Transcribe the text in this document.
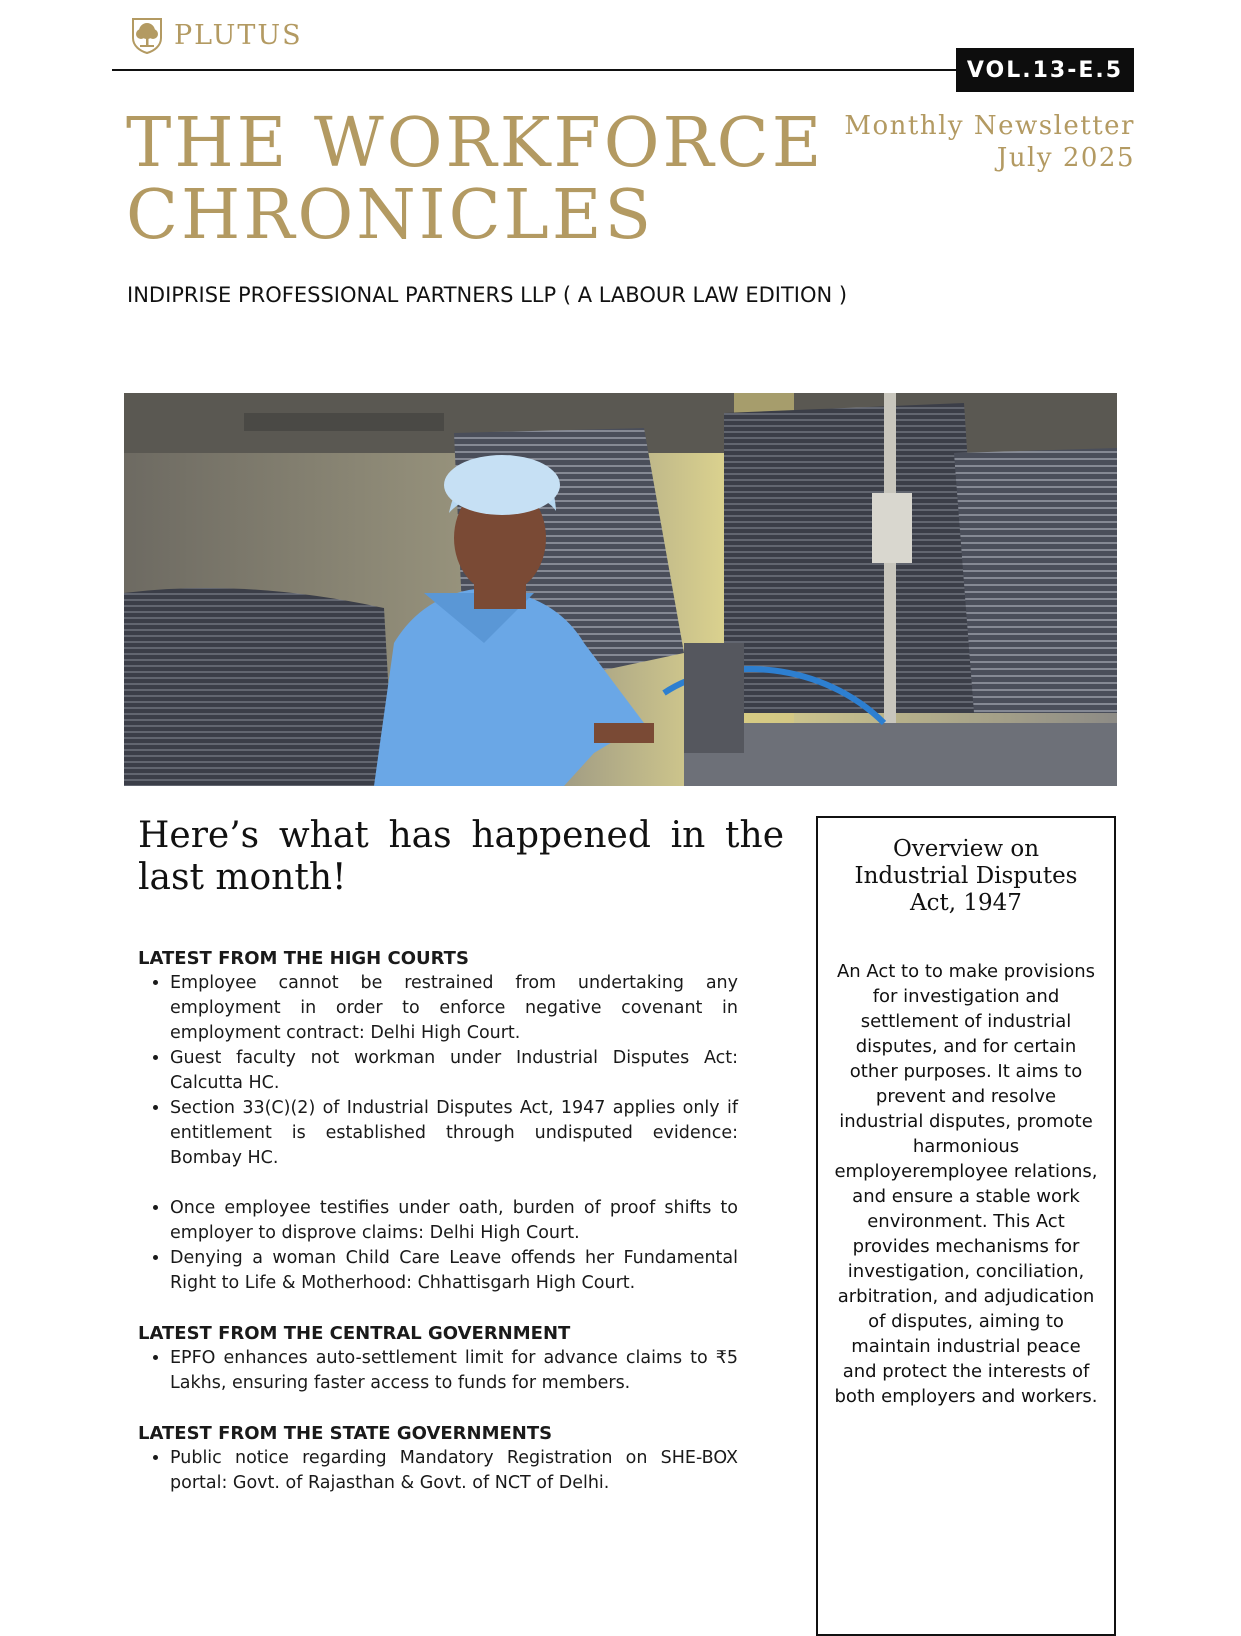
PLUTUS
VOL.13-E.5
THE WORKFORCE
CHRONICLES
Monthly Newsletter
July 2025
INDIPRISE PROFESSIONAL PARTNERS LLP ( A LABOUR LAW EDITION )
Here’s what has happened in the last month!
LATEST FROM THE HIGH COURTS
• Employee cannot be restrained from undertaking any employment in order to enforce negative covenant in employment contract: Delhi High Court.
• Guest faculty not workman under Industrial Disputes Act: Calcutta HC.
• Section 33(C)(2) of Industrial Disputes Act, 1947 applies only if entitlement is established through undisputed evidence: Bombay HC.
• Once employee testifies under oath, burden of proof shifts to employer to disprove claims: Delhi High Court.
• Denying a woman Child Care Leave offends her Fundamental Right to Life & Motherhood: Chhattisgarh High Court.
LATEST FROM THE CENTRAL GOVERNMENT
• EPFO enhances auto-settlement limit for advance claims to ₹5 Lakhs, ensuring faster access to funds for members.
LATEST FROM THE STATE GOVERNMENTS
• Public notice regarding Mandatory Registration on SHE-BOX portal: Govt. of Rajasthan & Govt. of NCT of Delhi.
Overview on
Industrial Disputes
Act, 1947

An Act to to make provisions for investigation and settlement of industrial disputes, and for certain other purposes. It aims to prevent and resolve industrial disputes, promote harmonious employeremployee relations, and ensure a stable work environment. This Act provides mechanisms for investigation, conciliation, arbitration, and adjudication of disputes, aiming to maintain industrial peace and protect the interests of both employers and workers.
